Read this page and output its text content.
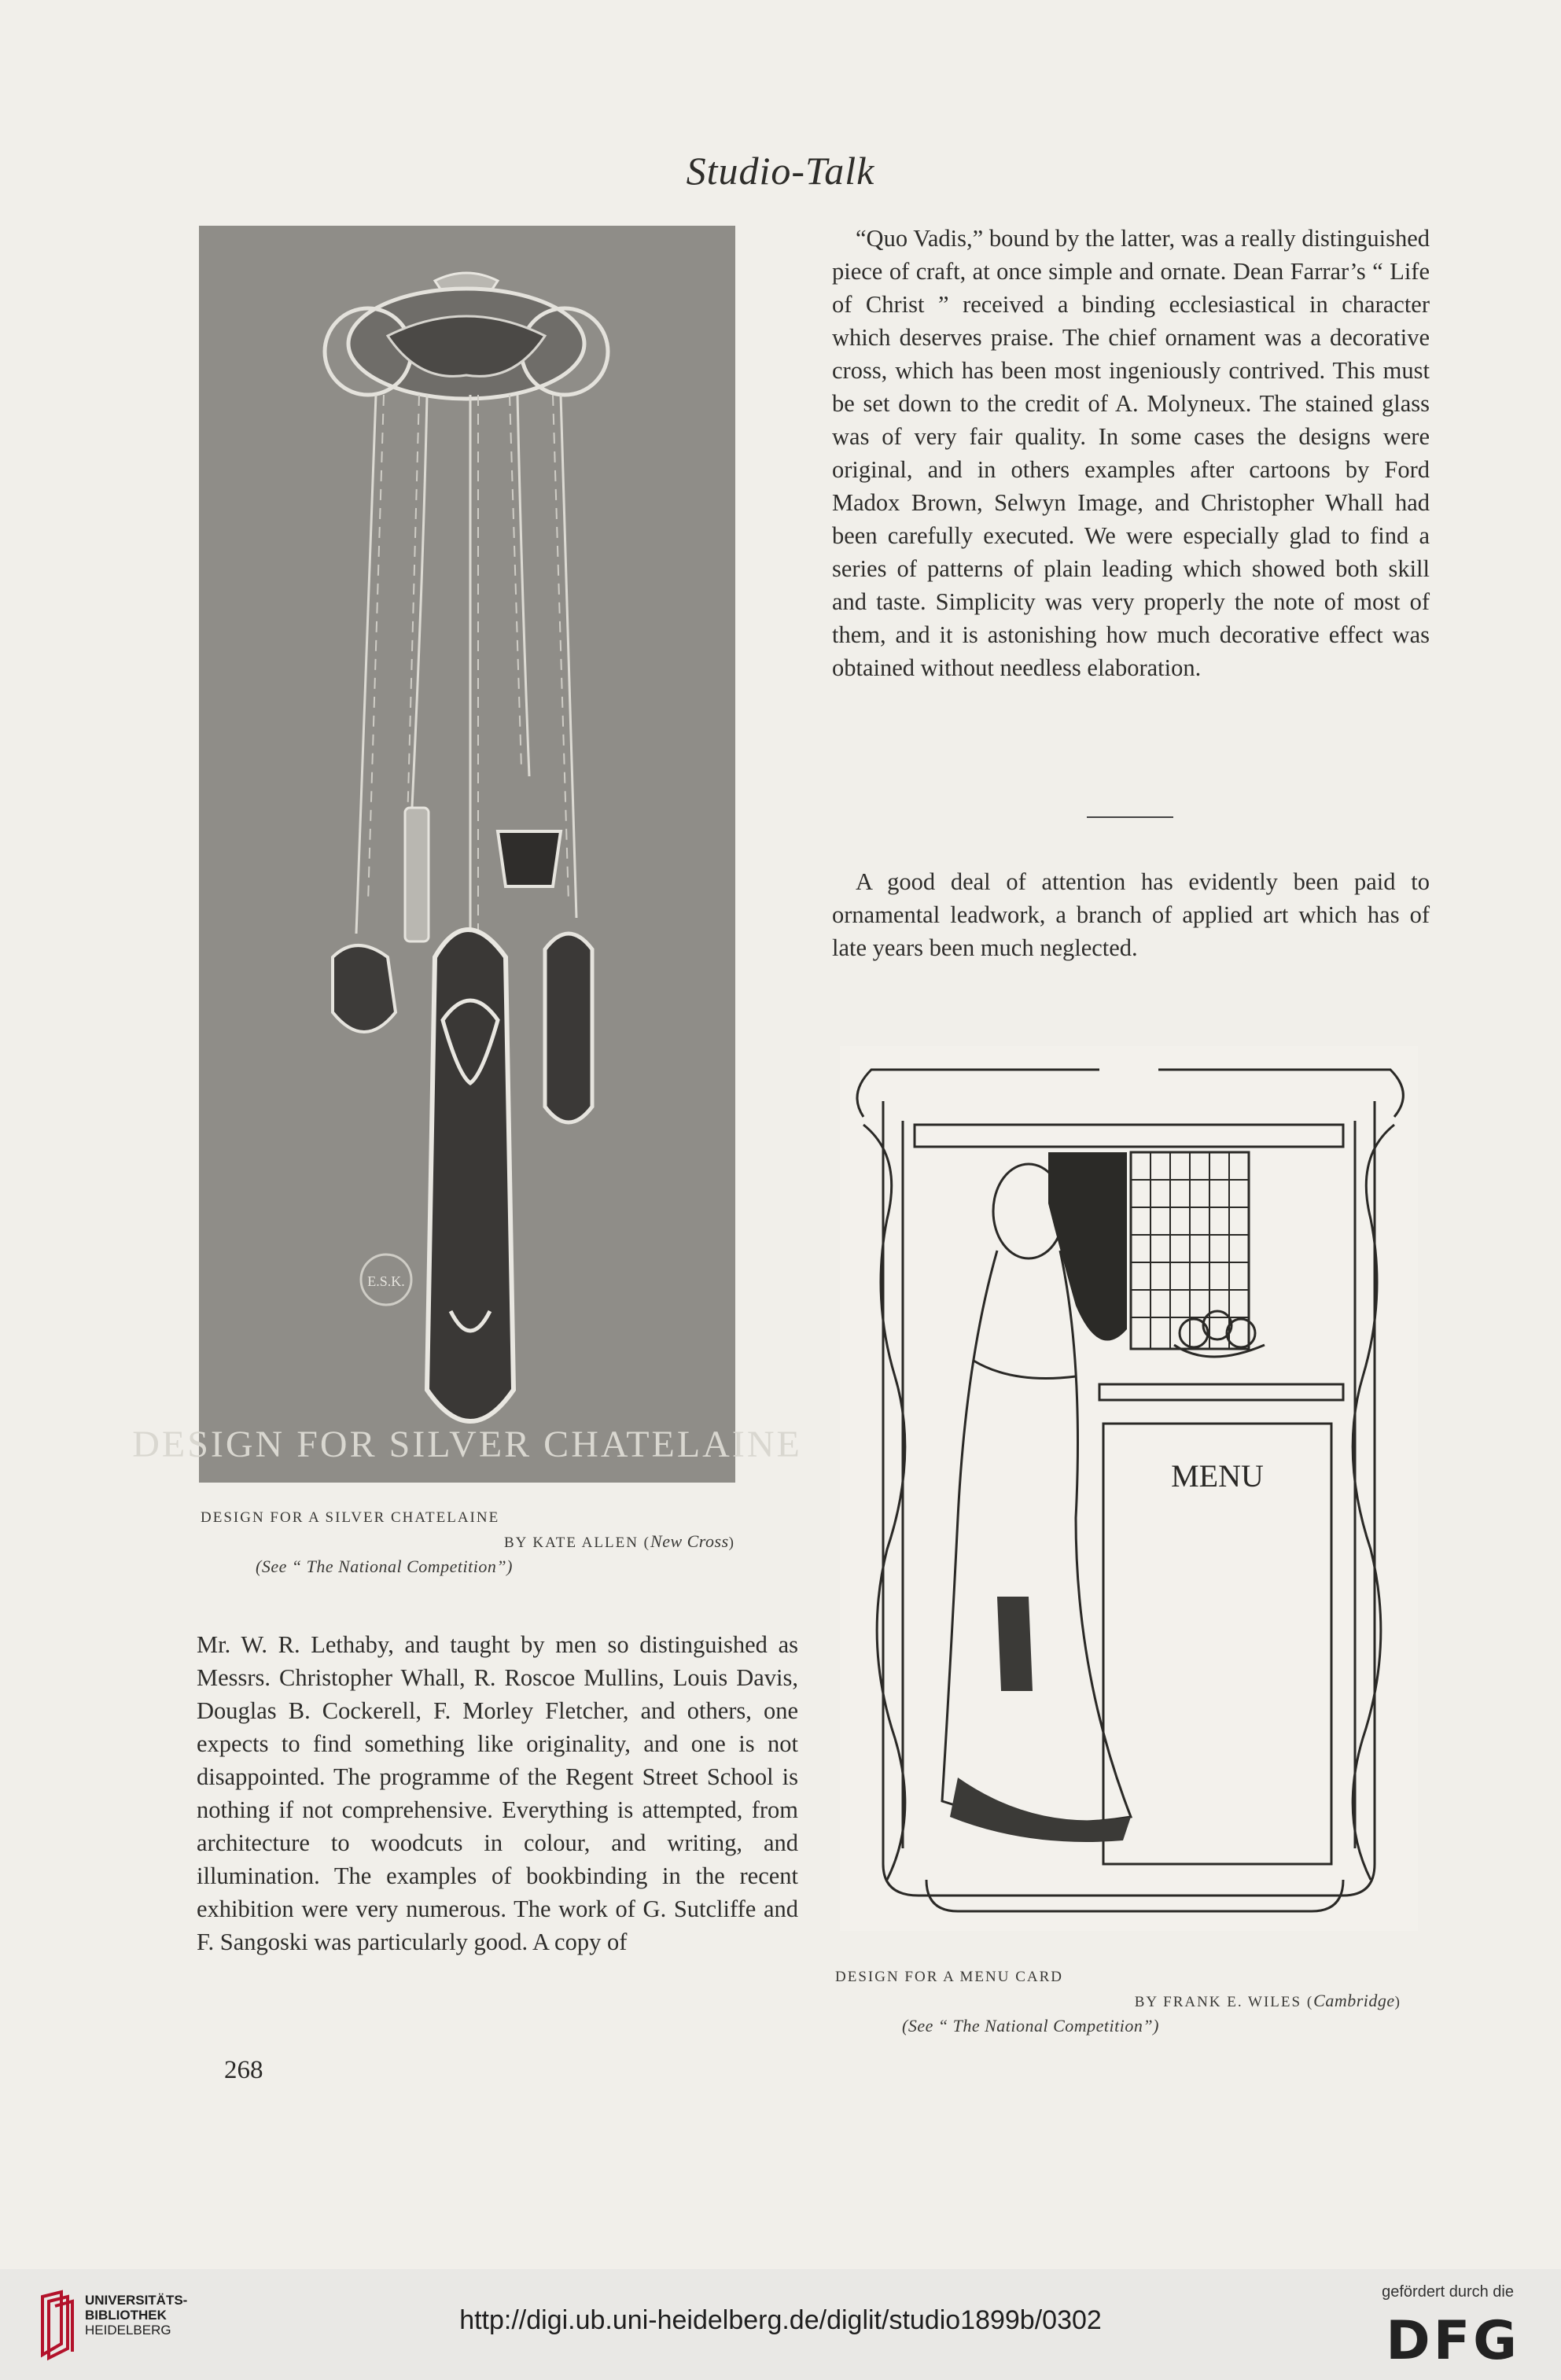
Studio-Talk
E.S.K.
DESIGN FOR SILVER CHATELAINE
DESIGN FOR A SILVER CHATELAINE
BY KATE ALLEN (New Cross)
(See “ The National Competition”)

Mr. W. R. Lethaby, and taught by men so distinguished as Messrs. Christopher Whall, R. Roscoe Mullins, Louis Davis, Douglas B. Cockerell, F. Morley Fletcher, and others, one expects to find something like originality, and one is not disappointed. The programme of the Regent Street School is nothing if not comprehensive. Everything is attempted, from architecture to woodcuts in colour, and writing, and illumination. The examples of bookbinding in the recent exhibition were very numerous. The work of G. Sutcliffe and F. Sangoski was particularly good. A copy of

268

“Quo Vadis,” bound by the latter, was a really distinguished piece of craft, at once simple and ornate. Dean Farrar’s “ Life of Christ ” received a binding ecclesiastical in character which deserves praise. The chief ornament was a decorative cross, which has been most ingeniously contrived. This must be set down to the credit of A. Molyneux. The stained glass was of very fair quality. In some cases the designs were original, and in others examples after cartoons by Ford Madox Brown, Selwyn Image, and Christopher Whall had been carefully executed. We were especially glad to find a series of patterns of plain leading which showed both skill and taste. Simplicity was very properly the note of most of them, and it is astonishing how much decorative effect was obtained without needless elaboration.

A good deal of attention has evidently been paid to ornamental leadwork, a branch of applied art which has of late years been much neglected.

MENU
DESIGN FOR A MENU CARD
BY FRANK E. WILES (Cambridge)
(See “ The National Competition”)
UNIVERSITÄTS-
BIBLIOTHEK
HEIDELBERG	http://digi.ub.uni-heidelberg.de/diglit/studio1899b/0302
gefördert durch die
DFG
